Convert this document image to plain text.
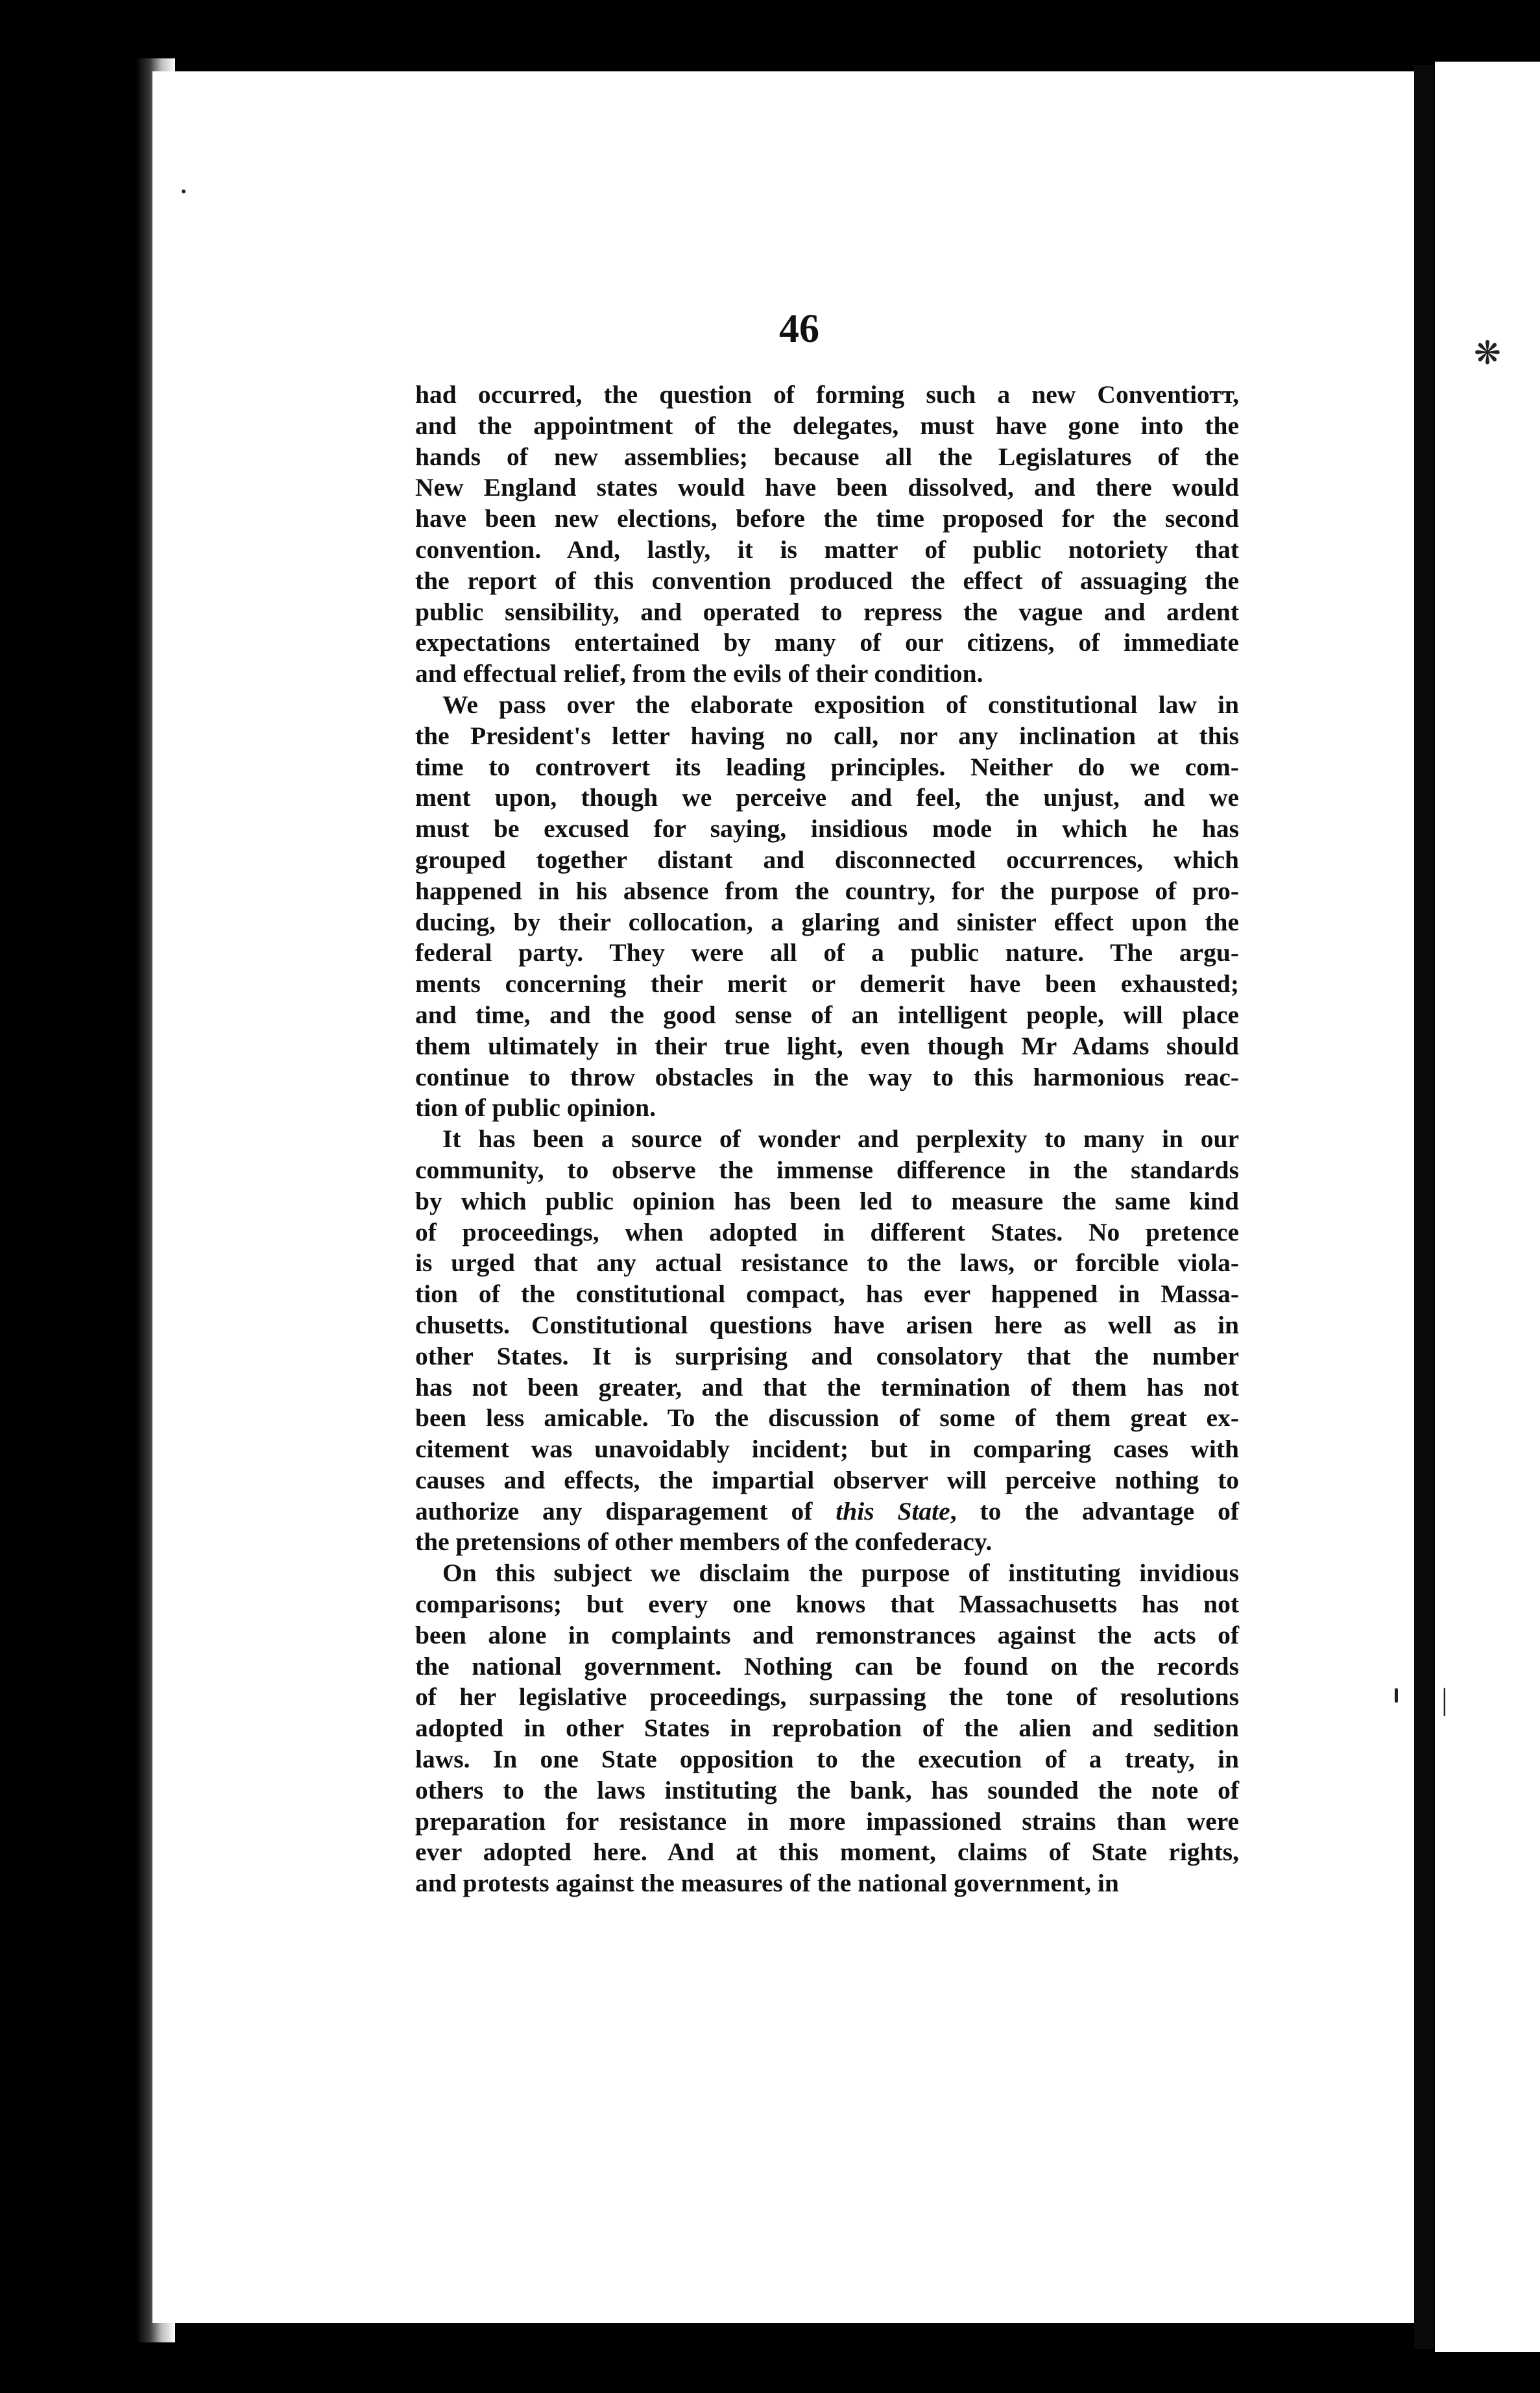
❋
|
46
had occurred, the question of forming such a new Conventiотт,
and the appointment of the delegates, must have gone into the
hands of new assemblies; because all the Legislatures of the
New England states would have been dissolved, and there would
have been new elections, before the time proposed for the second
convention. And, lastly, it is matter of public notoriety that
the report of this convention produced the effect of assuaging the
public sensibility, and operated to repress the vague and ardent
expectations entertained by many of our citizens, of immediate
and effectual relief, from the evils of their condition.
We pass over the elaborate exposition of constitutional law in
the President's letter having no call, nor any inclination at this
time to controvert its leading principles. Neither do we com-
ment upon, though we perceive and feel, the unjust, and we
must be excused for saying, insidious mode in which he has
grouped together distant and disconnected occurrences, which
happened in his absence from the country, for the purpose of pro-
ducing, by their collocation, a glaring and sinister effect upon the
federal party. They were all of a public nature. The argu-
ments concerning their merit or demerit have been exhausted;
and time, and the good sense of an intelligent people, will place
them ultimately in their true light, even though Mr Adams should
continue to throw obstacles in the way to this harmonious reac-
tion of public opinion.
It has been a source of wonder and perplexity to many in our
community, to observe the immense difference in the standards
by which public opinion has been led to measure the same kind
of proceedings, when adopted in different States. No pretence
is urged that any actual resistance to the laws, or forcible viola-
tion of the constitutional compact, has ever happened in Massa-
chusetts. Constitutional questions have arisen here as well as in
other States. It is surprising and consolatory that the number
has not been greater, and that the termination of them has not
been less amicable. To the discussion of some of them great ex-
citement was unavoidably incident; but in comparing cases with
causes and effects, the impartial observer will perceive nothing to
authorize any disparagement of this State, to the advantage of
the pretensions of other members of the confederacy.
On this subject we disclaim the purpose of instituting invidious
comparisons; but every one knows that Massachusetts has not
been alone in complaints and remonstrances against the acts of
the national government. Nothing can be found on the records
of her legislative proceedings, surpassing the tone of resolutions
adopted in other States in reprobation of the alien and sedition
laws. In one State opposition to the execution of a treaty, in
others to the laws instituting the bank, has sounded the note of
preparation for resistance in more impassioned strains than were
ever adopted here. And at this moment, claims of State rights,
and protests against the measures of the national government, in
